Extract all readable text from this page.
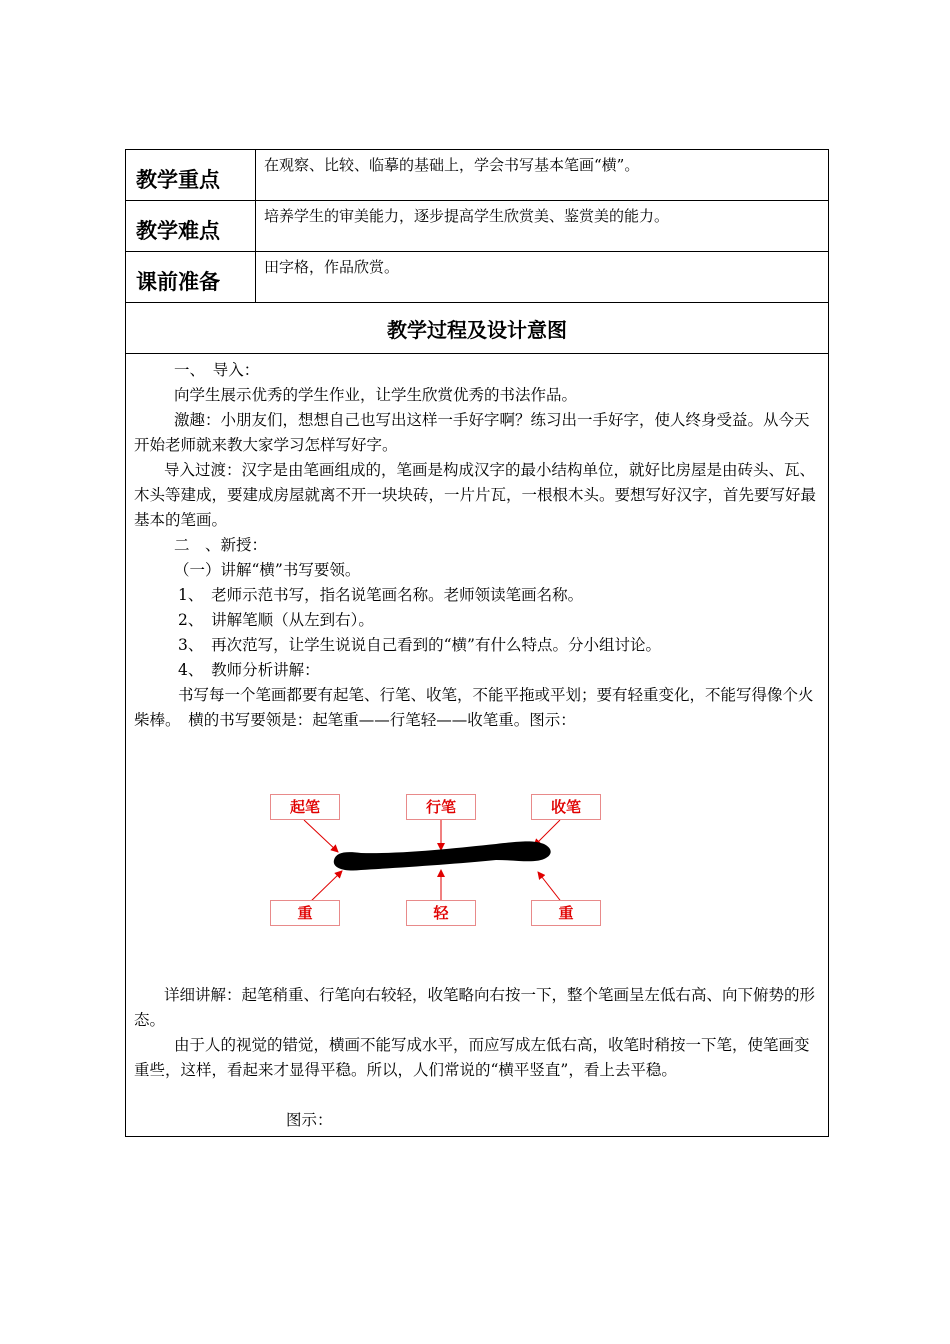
教学重点
在观察、比较、临摹的基础上，学会书写基本笔画“横”。
教学难点
培养学生的审美能力，逐步提高学生欣赏美、鉴赏美的能力。
课前准备
田字格，作品欣赏。
教学过程及设计意图

一、　导入：

向学生展示优秀的学生作业，让学生欣赏优秀的书法作品。

激趣：小朋友们，想想自己也写出这样一手好字啊？练习出一手好字，使人终身受益。从今天开始老师就来教大家学习怎样写好字。

导入过渡：汉字是由笔画组成的，笔画是构成汉字的最小结构单位，就好比房屋是由砖头、瓦、木头等建成，要建成房屋就离不开一块块砖，一片片瓦，一根根木头。要想写好汉字，首先要写好最基本的笔画。

二　、新授：

（一）讲解“横”书写要领。

1、　老师示范书写，指名说笔画名称。老师领读笔画名称。

2、　讲解笔顺（从左到右）。

3、　再次范写，让学生说说自己看到的“横”有什么特点。分小组讨论。

4、　教师分析讲解：

书写每一个笔画都要有起笔、行笔、收笔，不能平拖或平划；要有轻重变化，不能写得像个火柴棒。　横的书写要领是：起笔重——行笔轻——收笔重。图示：

起笔	行笔	收笔
重	轻	重

详细讲解：起笔稍重、行笔向右较轻，收笔略向右按一下，整个笔画呈左低右高、向下俯势的形态。

由于人的视觉的错觉，横画不能写成水平，而应写成左低右高，收笔时稍按一下笔，使笔画变重些，这样，看起来才显得平稳。所以，人们常说的“横平竖直”，看上去平稳。

图示：
